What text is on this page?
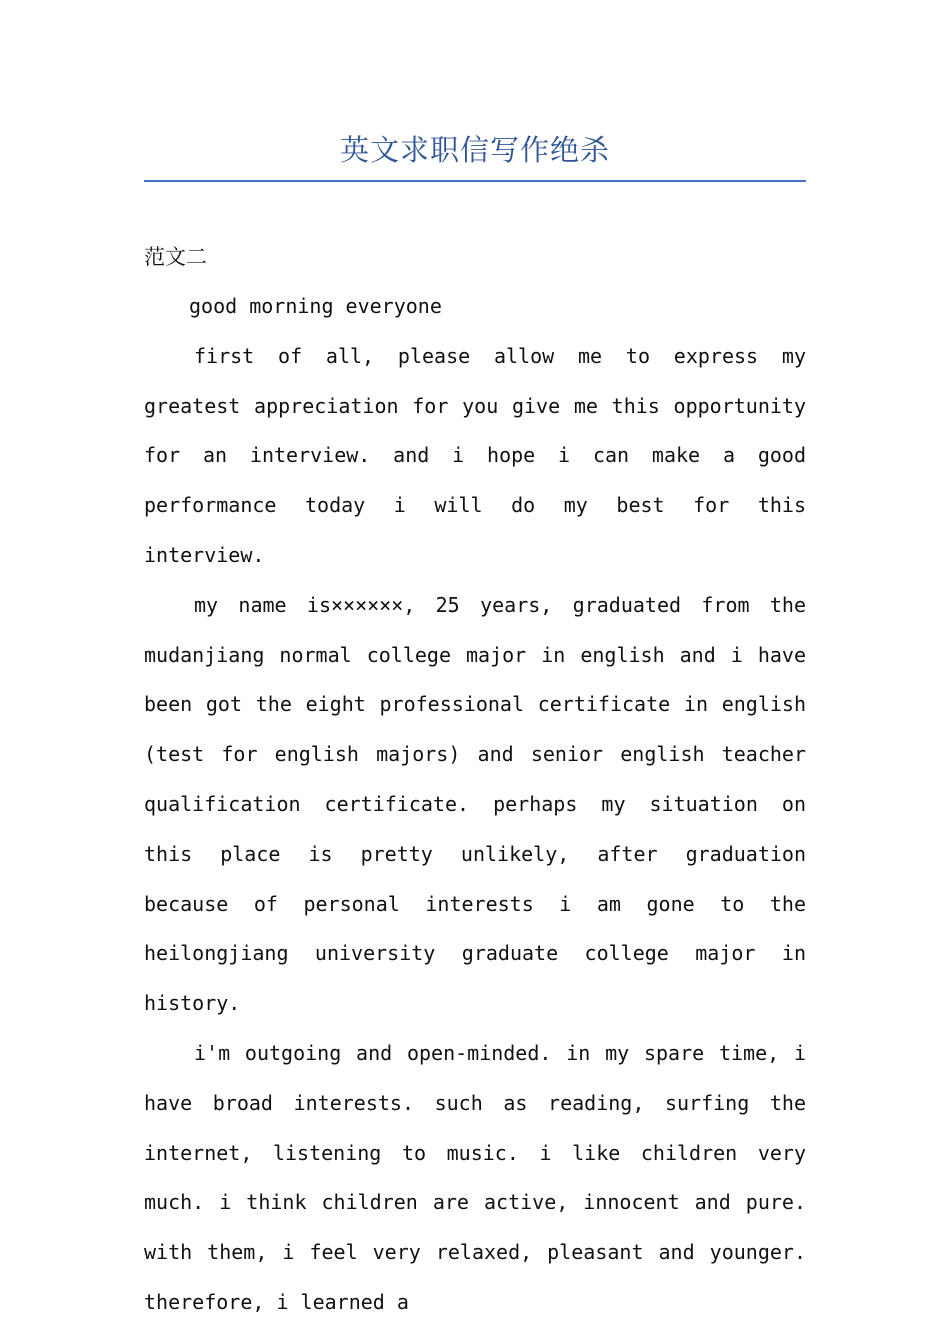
英文求职信写作绝杀
范文二

good morning everyone

first of all, please allow me to express my greatest appreciation for you give me this opportunity for an interview. and i hope i can make a good performance today i will do my best for this interview.

my name is××××××, 25 years, graduated from the mudanjiang normal college major in english and i have been got the eight professional certificate in english (test for english majors) and senior english teacher qualification certificate. perhaps my situation on this place is pretty unlikely, after graduation because of personal interests i am gone to the heilongjiang university graduate college major in history.

i'm outgoing and open-minded. in my spare time, i have broad interests. such as reading, surfing the internet, listening to music. i like children very much. i think children are active, innocent and pure. with them, i feel very relaxed, pleasant and younger. therefore, i learned a
